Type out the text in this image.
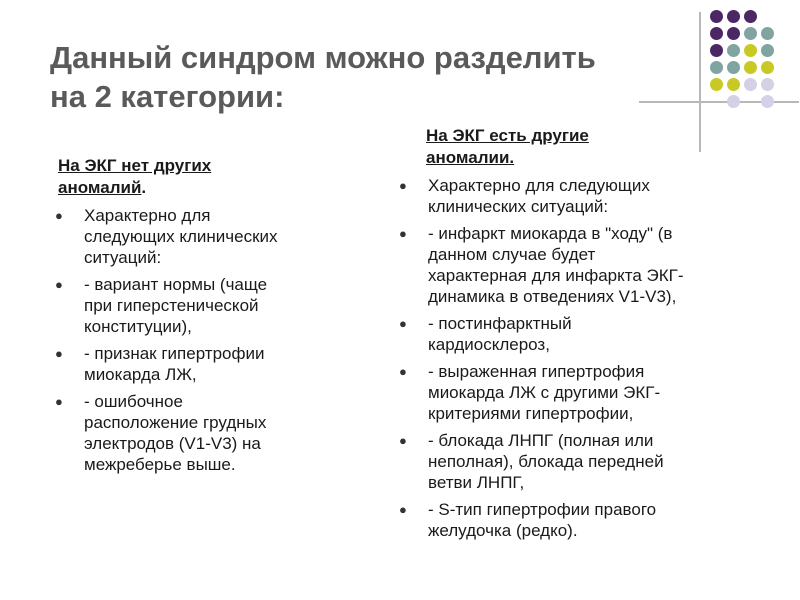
Данный синдром можно разделить
на 2 категории:
На ЭКГ нет других
аномалий.
● Характерно для
следующих клинических
ситуаций:
● - вариант нормы (чаще
при гиперстенической
конституции),
● - признак гипертрофии
миокарда ЛЖ,
● - ошибочное
расположение грудных
электродов (V1-V3) на
межреберье выше.
На ЭКГ есть другие
аномалии.
● Характерно для следующих
клинических ситуаций:
● - инфаркт миокарда в "ходу" (в
данном случае будет
характерная для инфаркта ЭКГ-
динамика в отведениях V1-V3),
● - постинфарктный
кардиосклероз,
● - выраженная гипертрофия
миокарда ЛЖ с другими ЭКГ-
критериями гипертрофии,
● - блокада ЛНПГ (полная или
неполная), блокада передней
ветви ЛНПГ,
● - S-тип гипертрофии правого
желудочка (редко).
